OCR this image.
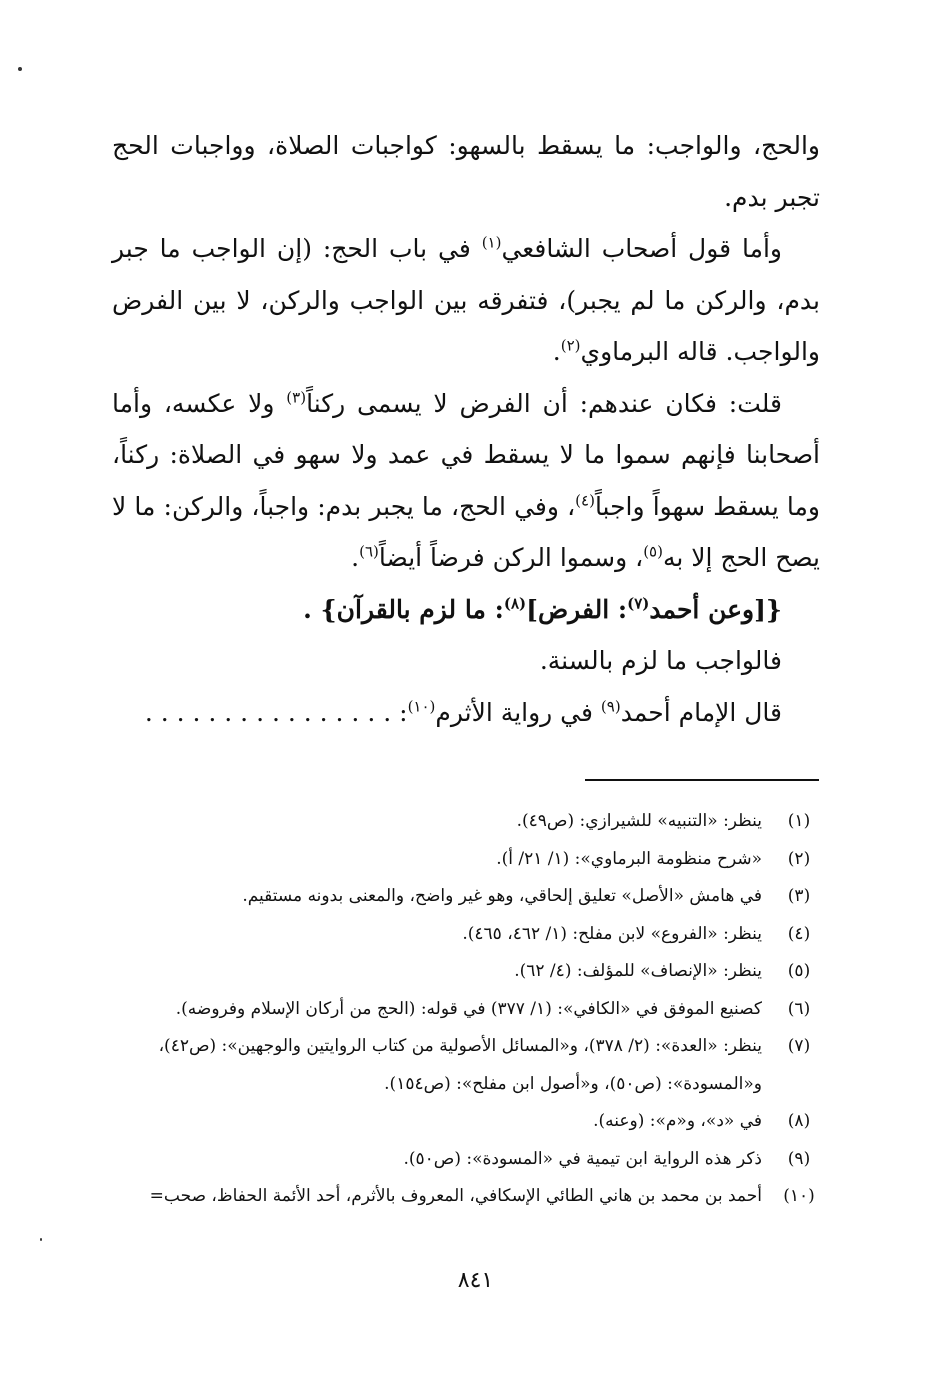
والحج، والواجب: ما يسقط بالسهو: كواجبات الصلاة، وواجبات الحج تجبر بدم.

وأما قول أصحاب الشافعي$^{(١)}$ في باب الحج: (إن الواجب ما جبر بدم، والركن ما لم يجبر)، فتفرقه بين الواجب والركن، لا بين الفرض والواجب. قاله البرماوي$^{(٢)}$.

قلت: فكان عندهم: أن الفرض لا يسمى ركناً$^{(٣)}$ ولا عكسه، وأما أصحابنا فإنهم سموا ما لا يسقط في عمد ولا سهو في الصلاة: ركناً، وما يسقط سهواً واجباً$^{(٤)}$، وفي الحج، ما يجبر بدم: واجباً، والركن: ما لا يصح الحج إلا به$^{(٥)}$، وسموا الركن فرضاً أيضاً$^{(٦)}$.

{[وعن أحمد$^{(٧)}$: الفرض]$^{(٨)}$: ما لزم بالقرآن} .

فالواجب ما لزم بالسنة.

قال الإمام أحمد$^{(٩)}$ في رواية الأثرم$^{(١٠)}$: . . . . . . . . . . . . . . . .

(١)
ينظر: «التنبيه» للشيرازي: (ص٤٩).

(٢)
«شرح منظومة البرماوي»: (١/ ٢١/ أ).

(٣)
في هامش «الأصل» تعليق إلحاقي، وهو غير واضح، والمعنى بدونه مستقيم.

(٤)
ينظر: «الفروع» لابن مفلح: (١/ ٤٦٢، ٤٦٥).

(٥)
ينظر: «الإنصاف» للمؤلف: (٤/ ٦٢).

(٦)
كصنيع الموفق في «الكافي»: (١/ ٣٧٧) في قوله: (الحج من أركان الإسلام وفروضه).

(٧)
ينظر: «العدة»: (٢/ ٣٧٨)، و«المسائل الأصولية من كتاب الروايتين والوجهين»: (ص٤٢)، و«المسودة»: (ص٥٠)، و«أصول ابن مفلح»: (ص١٥٤).

(٨)
في «د»، و«م»: (وعنه).

(٩)
ذكر هذه الرواية ابن تيمية في «المسودة»: (ص٥٠).

(١٠)
أحمد بن محمد بن هاني الطائي الإسكافي، المعروف بالأثرم، أحد الأئمة الحفاظ، صحب=

٨٤١
